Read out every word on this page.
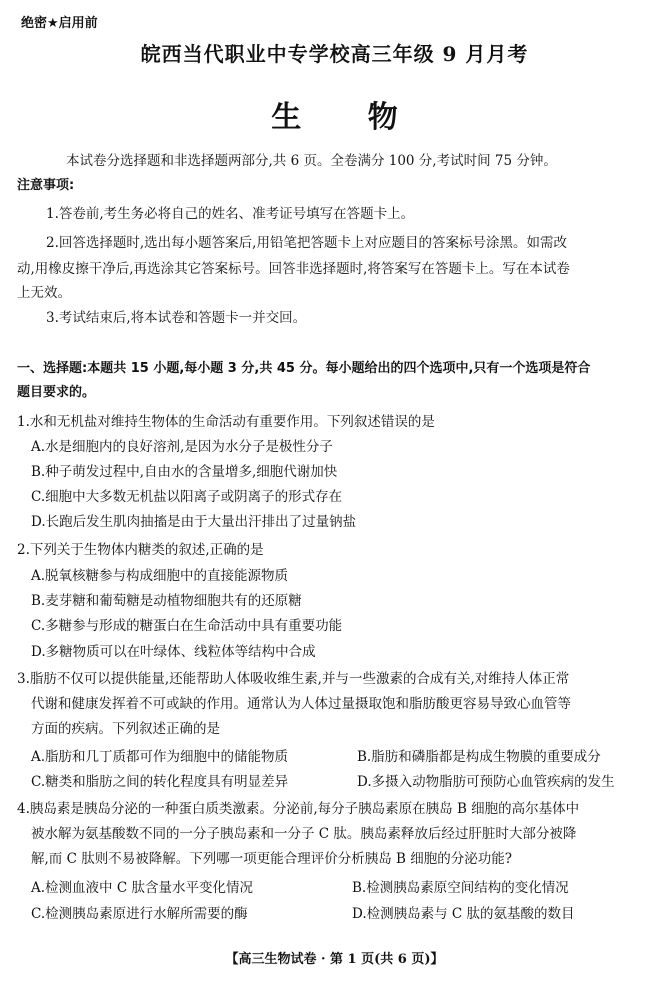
绝密★启用前
皖西当代职业中专学校高三年级 9 月月考
生 物
本试卷分选择题和非选择题两部分,共 6 页。全卷满分 100 分,考试时间 75 分钟。
注意事项:
1.答卷前,考生务必将自己的姓名、准考证号填写在答题卡上。
2.回答选择题时,选出每小题答案后,用铅笔把答题卡上对应题目的答案标号涂黑。如需改
动,用橡皮擦干净后,再选涂其它答案标号。回答非选择题时,将答案写在答题卡上。写在本试卷
上无效。
3.考试结束后,将本试卷和答题卡一并交回。
一、选择题:本题共 15 小题,每小题 3 分,共 45 分。每小题给出的四个选项中,只有一个选项是符合
题目要求的。
1.水和无机盐对维持生物体的生命活动有重要作用。下列叙述错误的是
A.水是细胞内的良好溶剂,是因为水分子是极性分子
B.种子萌发过程中,自由水的含量增多,细胞代谢加快
C.细胞中大多数无机盐以阳离子或阴离子的形式存在
D.长跑后发生肌肉抽搐是由于大量出汗排出了过量钠盐
2.下列关于生物体内糖类的叙述,正确的是
A.脱氧核糖参与构成细胞中的直接能源物质
B.麦芽糖和葡萄糖是动植物细胞共有的还原糖
C.多糖参与形成的糖蛋白在生命活动中具有重要功能
D.多糖物质可以在叶绿体、线粒体等结构中合成
3.脂肪不仅可以提供能量,还能帮助人体吸收维生素,并与一些激素的合成有关,对维持人体正常
代谢和健康发挥着不可或缺的作用。通常认为人体过量摄取饱和脂肪酸更容易导致心血管等
方面的疾病。下列叙述正确的是
A.脂肪和几丁质都可作为细胞中的储能物质	B.脂肪和磷脂都是构成生物膜的重要成分
C.糖类和脂肪之间的转化程度具有明显差异	D.多摄入动物脂肪可预防心血管疾病的发生
4.胰岛素是胰岛分泌的一种蛋白质类激素。分泌前,每分子胰岛素原在胰岛 B 细胞的高尔基体中
被水解为氨基酸数不同的一分子胰岛素和一分子 C 肽。胰岛素释放后经过肝脏时大部分被降
解,而 C 肽则不易被降解。下列哪一项更能合理评价分析胰岛 B 细胞的分泌功能?
A.检测血液中 C 肽含量水平变化情况	B.检测胰岛素原空间结构的变化情况
C.检测胰岛素原进行水解所需要的酶	D.检测胰岛素与 C 肽的氨基酸的数目
【高三生物试卷 · 第 1 页(共 6 页)】
